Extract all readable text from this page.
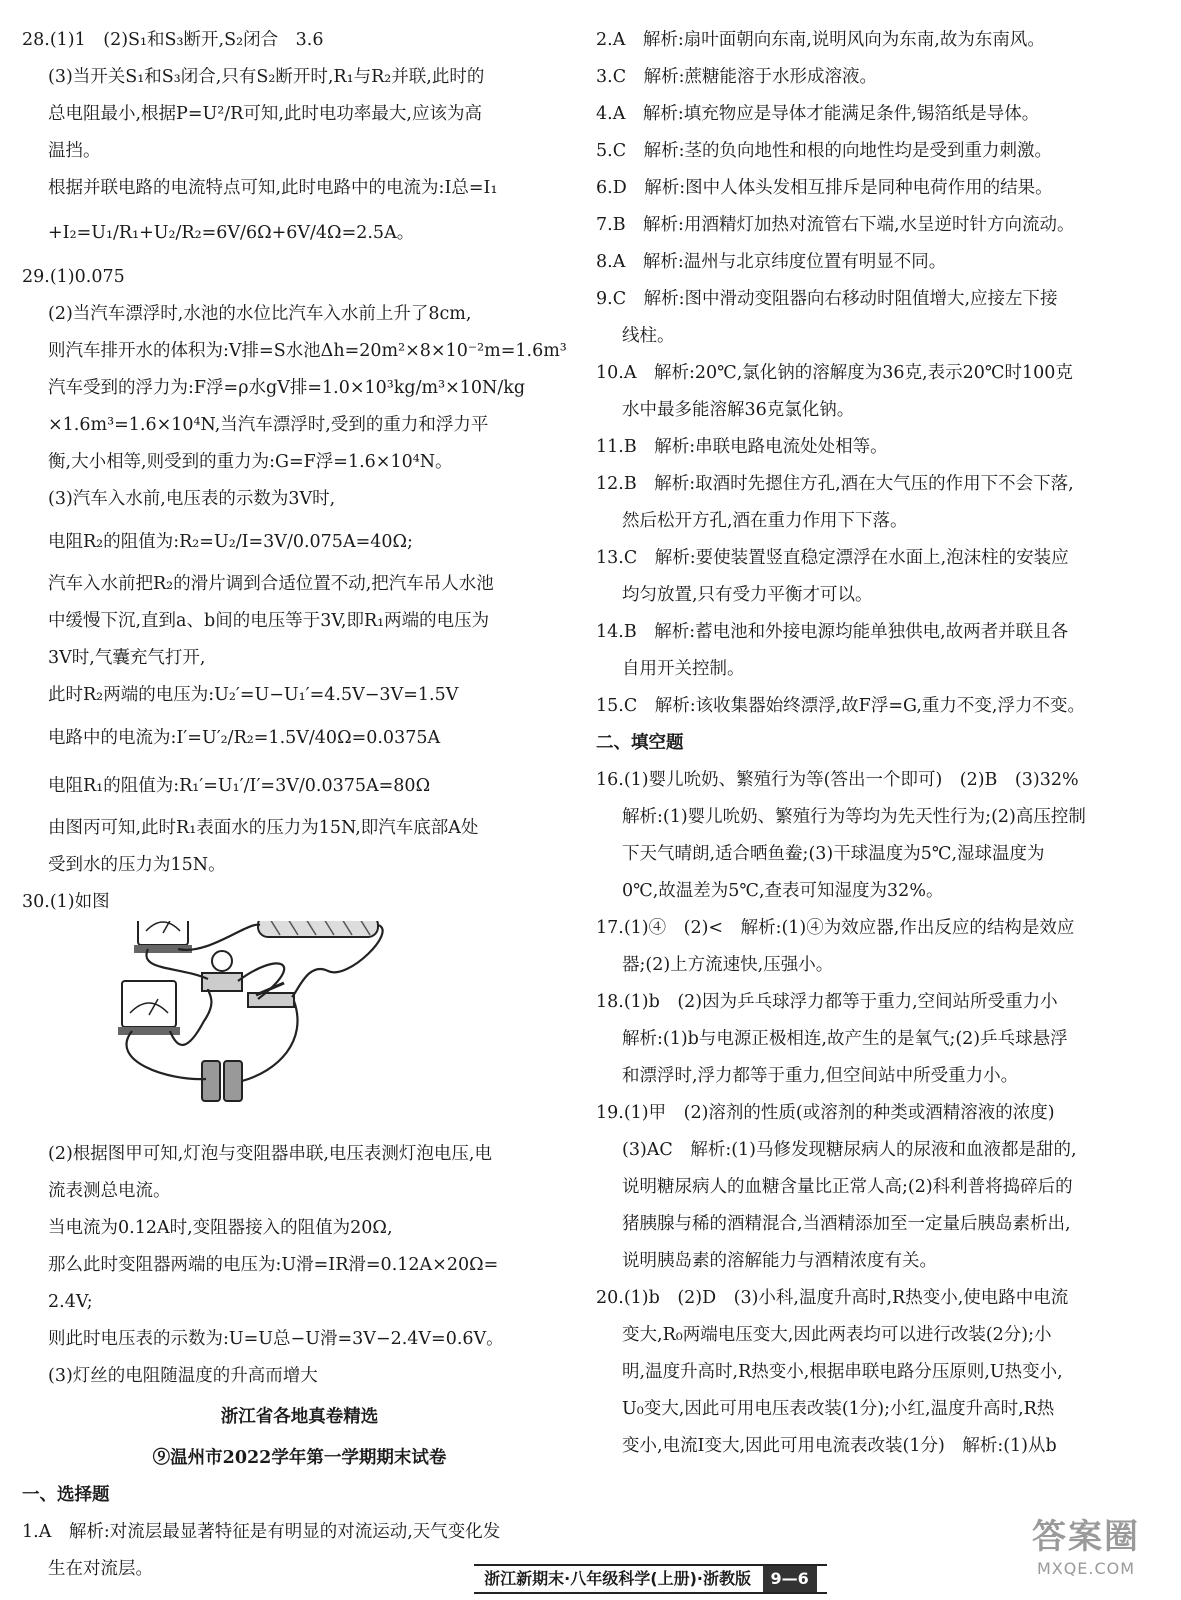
28.(1)1　(2)S₁和S₃断开,S₂闭合　3.6

(3)当开关S₁和S₃闭合,只有S₂断开时,R₁与R₂并联,此时的

总电阻最小,根据P=U²/R可知,此时电功率最大,应该为高

温挡。

根据并联电路的电流特点可知,此时电路中的电流为:I总=I₁

+I₂=U₁/R₁+U₂/R₂=6V/6Ω+6V/4Ω=2.5A。

29.(1)0.075

(2)当汽车漂浮时,水池的水位比汽车入水前上升了8cm,

则汽车排开水的体积为:V排=S水池Δh=20m²×8×10⁻²m=1.6m³

汽车受到的浮力为:F浮=ρ水gV排=1.0×10³kg/m³×10N/kg

×1.6m³=1.6×10⁴N,当汽车漂浮时,受到的重力和浮力平

衡,大小相等,则受到的重力为:G=F浮=1.6×10⁴N。

(3)汽车入水前,电压表的示数为3V时,

电阻R₂的阻值为:R₂=U₂/I=3V/0.075A=40Ω;

汽车入水前把R₂的滑片调到合适位置不动,把汽车吊人水池

中缓慢下沉,直到a、b间的电压等于3V,即R₁两端的电压为

3V时,气囊充气打开,

此时R₂两端的电压为:U₂′=U−U₁′=4.5V−3V=1.5V

电路中的电流为:I′=U′₂/R₂=1.5V/40Ω=0.0375A

电阻R₁的阻值为:R₁′=U₁′/I′=3V/0.0375A=80Ω

由图丙可知,此时R₁表面水的压力为15N,即汽车底部A处

受到水的压力为15N。

30.(1)如图

(2)根据图甲可知,灯泡与变阻器串联,电压表测灯泡电压,电

流表测总电流。

当电流为0.12A时,变阻器接入的阻值为20Ω,

那么此时变阻器两端的电压为:U滑=IR滑=0.12A×20Ω=

2.4V;

则此时电压表的示数为:U=U总−U滑=3V−2.4V=0.6V。

(3)灯丝的电阻随温度的升高而增大

浙江省各地真卷精选

⑨温州市2022学年第一学期期末试卷

一、选择题

1.A　解析:对流层最显著特征是有明显的对流运动,天气变化发

生在对流层。

2.A　解析:扇叶面朝向东南,说明风向为东南,故为东南风。

3.C　解析:蔗糖能溶于水形成溶液。

4.A　解析:填充物应是导体才能满足条件,锡箔纸是导体。

5.C　解析:茎的负向地性和根的向地性均是受到重力刺激。

6.D　解析:图中人体头发相互排斥是同种电荷作用的结果。

7.B　解析:用酒精灯加热对流管右下端,水呈逆时针方向流动。

8.A　解析:温州与北京纬度位置有明显不同。

9.C　解析:图中滑动变阻器向右移动时阻值增大,应接左下接

线柱。

10.A　解析:20℃,氯化钠的溶解度为36克,表示20℃时100克

水中最多能溶解36克氯化钠。

11.B　解析:串联电路电流处处相等。

12.B　解析:取酒时先摁住方孔,酒在大气压的作用下不会下落,

然后松开方孔,酒在重力作用下下落。

13.C　解析:要使装置竖直稳定漂浮在水面上,泡沫柱的安装应

均匀放置,只有受力平衡才可以。

14.B　解析:蓄电池和外接电源均能单独供电,故两者并联且各

自用开关控制。

15.C　解析:该收集器始终漂浮,故F浮=G,重力不变,浮力不变。

二、填空题

16.(1)婴儿吮奶、繁殖行为等(答出一个即可)　(2)B　(3)32%

解析:(1)婴儿吮奶、繁殖行为等均为先天性行为;(2)高压控制

下天气晴朗,适合晒鱼鲞;(3)干球温度为5℃,湿球温度为

0℃,故温差为5℃,查表可知湿度为32%。

17.(1)④　(2)<　解析:(1)④为效应器,作出反应的结构是效应

器;(2)上方流速快,压强小。

18.(1)b　(2)因为乒乓球浮力都等于重力,空间站所受重力小

解析:(1)b与电源正极相连,故产生的是氧气;(2)乒乓球悬浮

和漂浮时,浮力都等于重力,但空间站中所受重力小。

19.(1)甲　(2)溶剂的性质(或溶剂的种类或酒精溶液的浓度)

(3)AC　解析:(1)马修发现糖尿病人的尿液和血液都是甜的,

说明糖尿病人的血糖含量比正常人高;(2)科利普将捣碎后的

猪胰腺与稀的酒精混合,当酒精添加至一定量后胰岛素析出,

说明胰岛素的溶解能力与酒精浓度有关。

20.(1)b　(2)D　(3)小科,温度升高时,R热变小,使电路中电流

变大,R₀两端电压变大,因此两表均可以进行改装(2分);小

明,温度升高时,R热变小,根据串联电路分压原则,U热变小,

U₀变大,因此可用电压表改装(1分);小红,温度升高时,R热

变小,电流I变大,因此可用电流表改装(1分)　解析:(1)从b

浙江新期末·八年级科学(上册)·浙教版 9—6
答案圈
MXQE.COM
